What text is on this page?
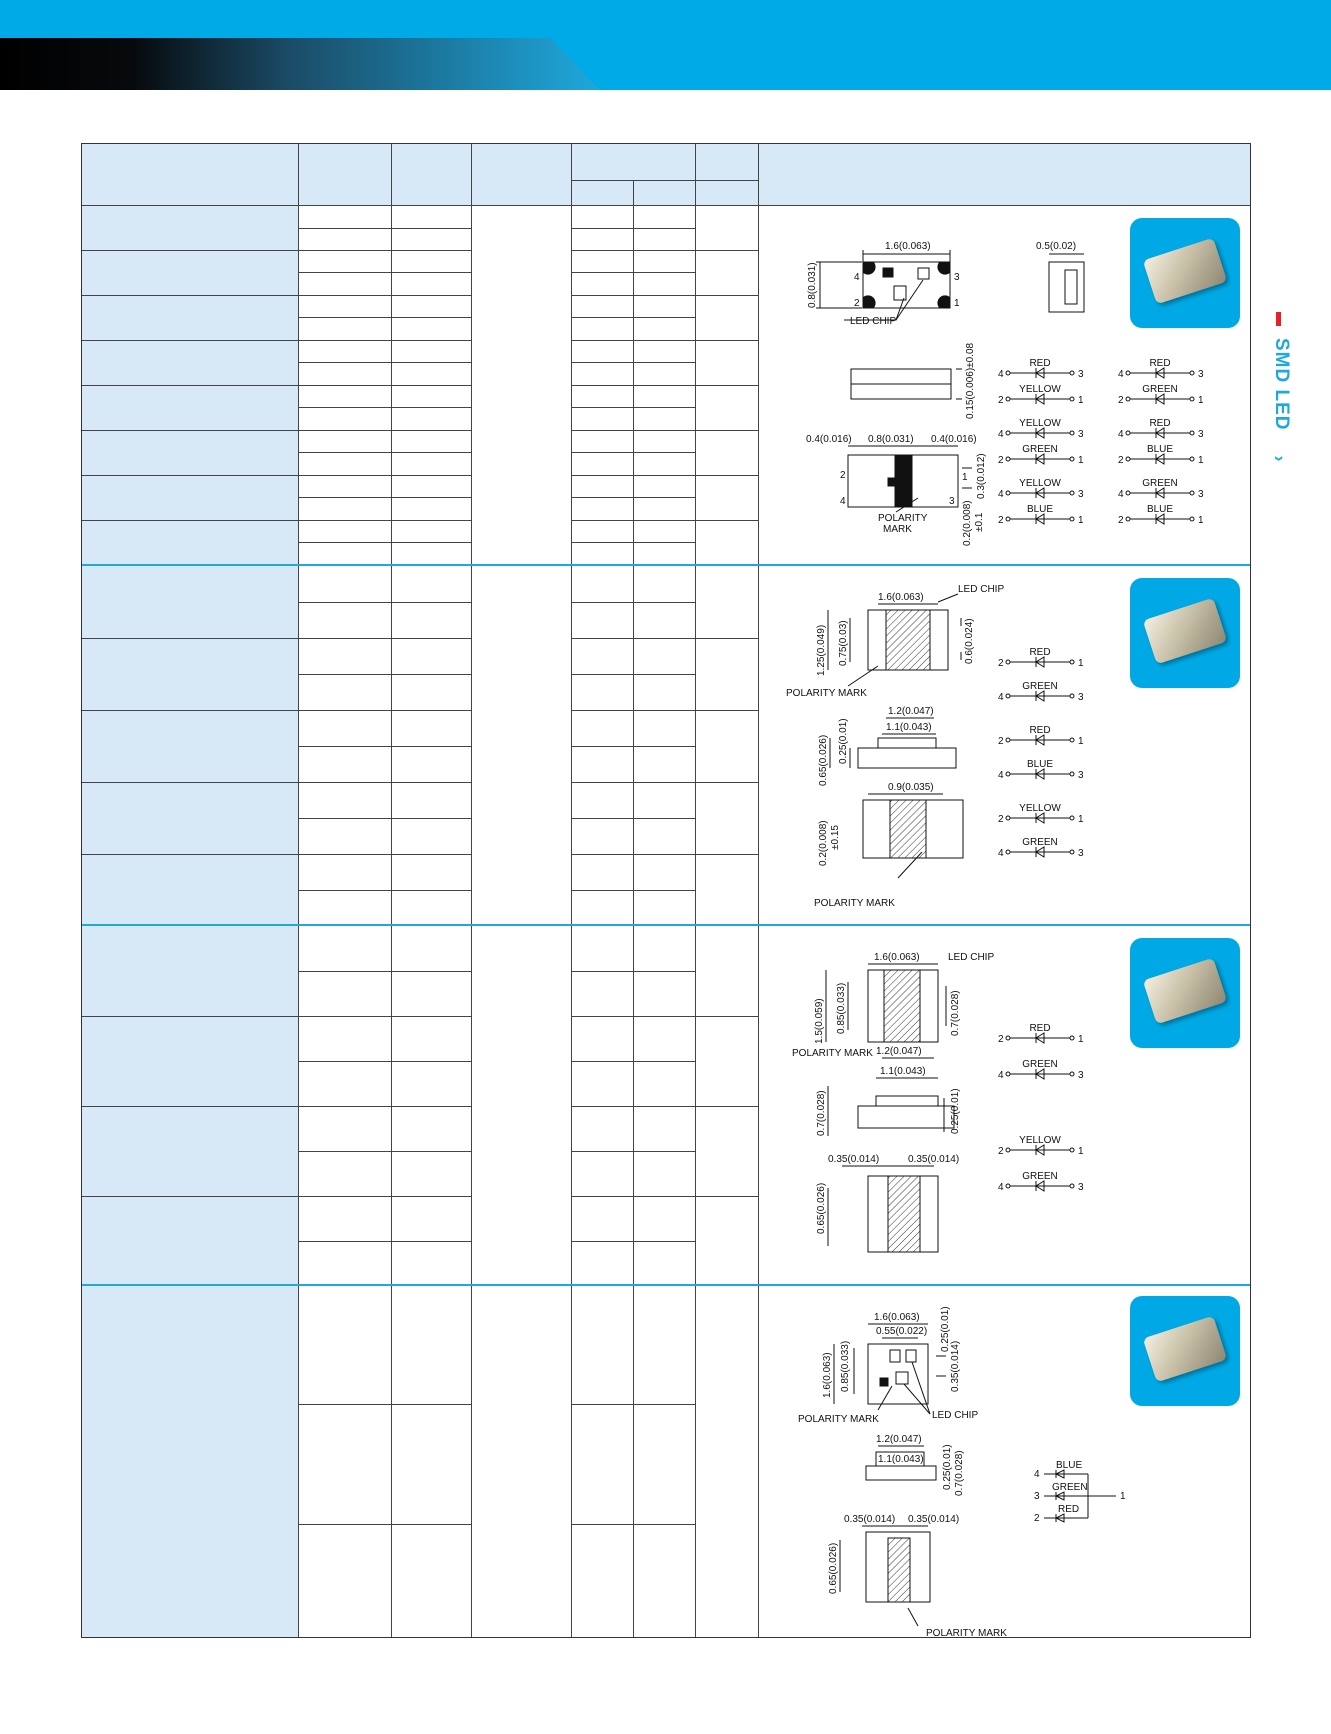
SMD LED
›
1.6(0.063)	0.5(0.02)
0.8(0.031)
0.15(0.006)±0.08
0.3(0.012)
0.2(0.008) ±0.1
LED CHIP
0.4(0.016) 0.8(0.031) 0.4(0.016)
POLARITY
MARK
4
2
3
1
2
4
1
3
4	3
RED
2	1
YELLOW
4	3
RED
2	1
GREEN
4	3
YELLOW
2	1
GREEN
4	3
RED
2	1
BLUE
4	3
YELLOW
2	1
BLUE
4	3
GREEN
2	1
BLUE
1.6(0.063)
LED CHIP
1.25(0.049) 0.75(0.03)	0.6(0.024)
POLARITY MARK
1.2(0.047)
1.1(0.043)
0.65(0.026) 0.25(0.01)
0.9(0.035)
0.2(0.008) ±0.15
POLARITY MARK
2	1
RED
4	3
GREEN
2	1
RED
4	3
BLUE
2	1
YELLOW
4	3
GREEN
1.6(0.063)	LED CHIP
1.5(0.059) 0.85(0.033)	0.7(0.028)
POLARITY MARK 1.2(0.047)
1.1(0.043)
0.7(0.028)	0.25(0.01)
0.35(0.014)	0.35(0.014)
0.65(0.026)
2	1
RED
4	3
GREEN
2	1
YELLOW
4	3
GREEN
1.6(0.063)
0.55(0.022)
1.6(0.063) 0.85(0.033)
0.25(0.01)
0.35(0.014)
POLARITY MARK	LED CHIP
1.2(0.047)
1.1(0.043) 0.25(0.01) 0.7(0.028)
0.35(0.014) 0.35(0.014)
0.65(0.026)
POLARITY MARK
BLUE
GREEN
RED
4
3
2
1
